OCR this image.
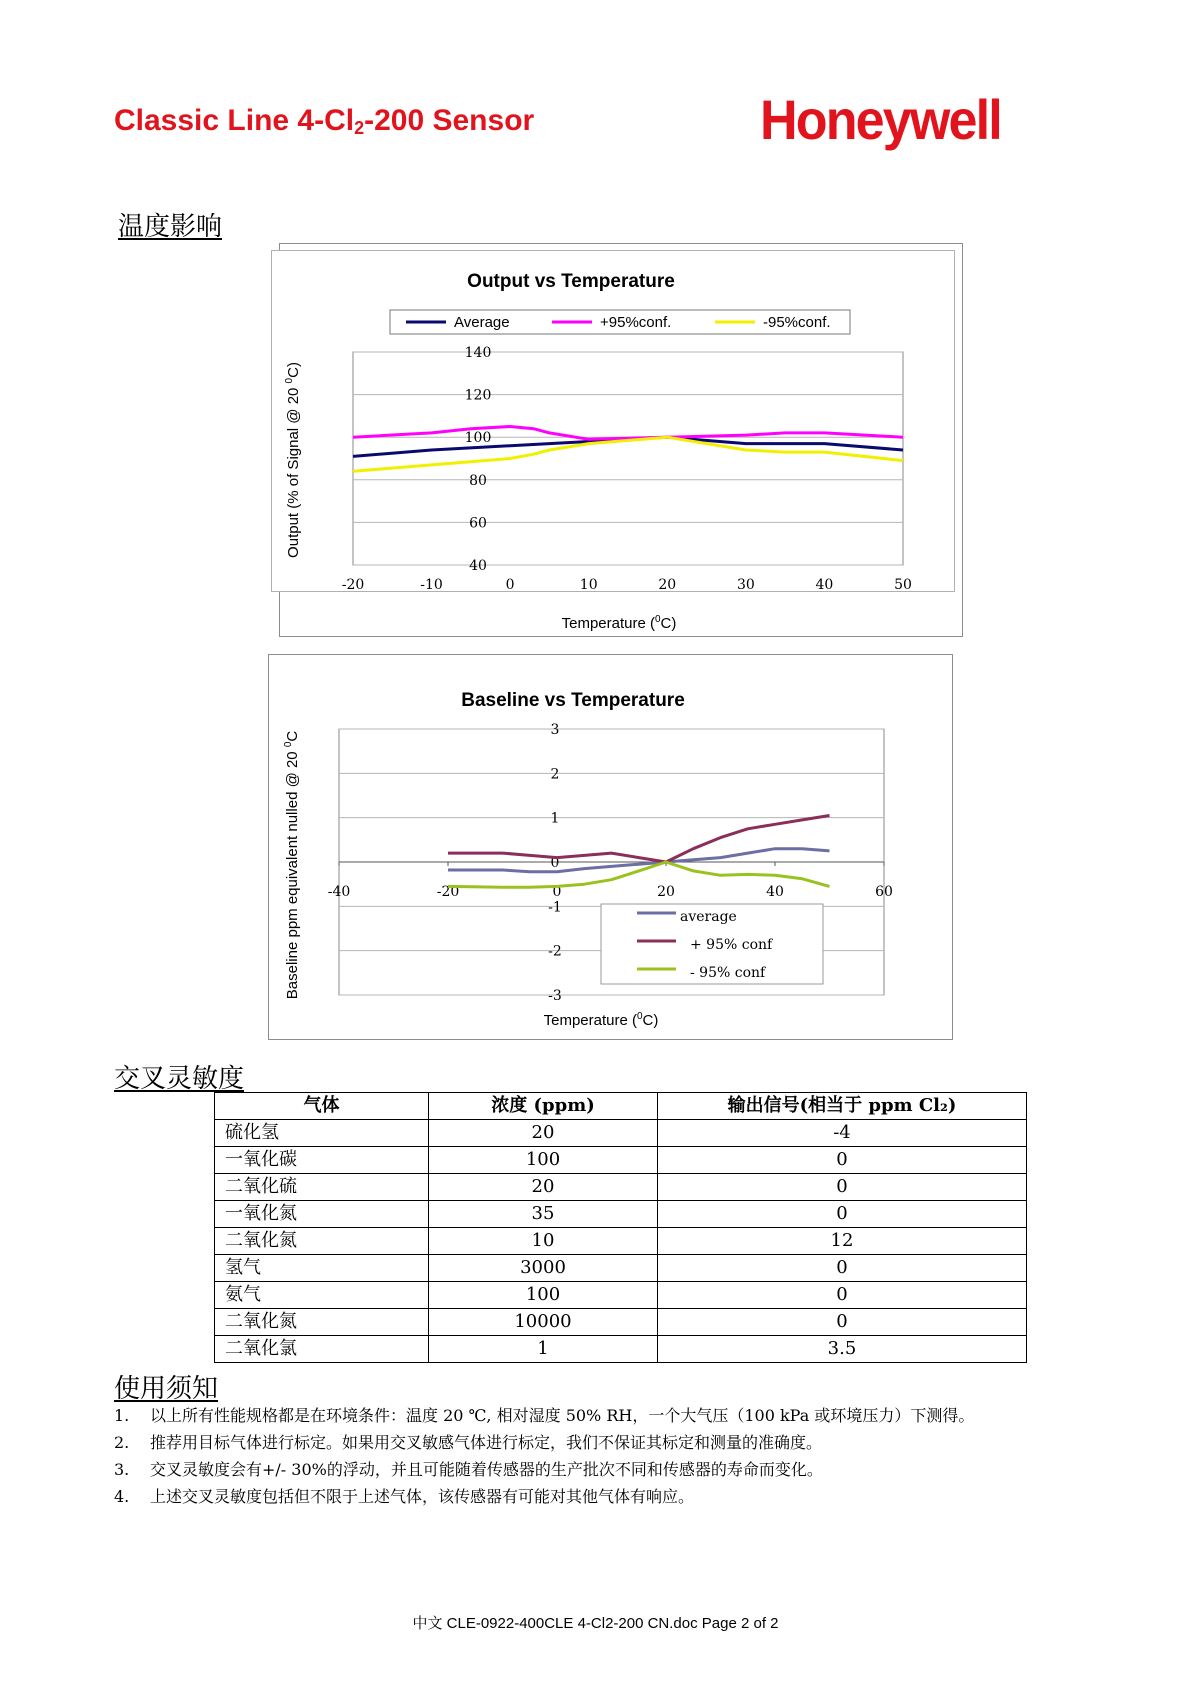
Classic Line $4-Cl_2-200$ Sensor	Honeywell
温度影响
Output vs Temperature
Average	+95%conf.	-95%conf.
40
60
80
100
120
140
-20	-10	0	10	20	30	40	50
Temperature ($^0$C)
Output (% of Signal @ 20 $^0$C)
Baseline vs Temperature
-3
-2
-1
0
1
2
3
-40	-20	0	20	40	60
average
+ 95% conf
- 95% conf
Temperature ($^0$C)
Baseline ppm equivalent nulled @ 20 $^0$C
交叉灵敏度
气体	浓度 (ppm)	输出信号(相当于 ppm Cl₂)
硫化氢	20	-4
一氧化碳	100	0
二氧化硫	20	0
一氧化氮	35	0
二氧化氮	10	12
氢气	3000	0
氨气	100	0
二氧化氮	10000	0
二氧化氯	1	3.5
使用须知
1.	以上所有性能规格都是在环境条件：温度 20 ℃, 相对湿度 50% RH，一个大气压（100 kPa 或环境压力）下测得。
2.	推荐用目标气体进行标定。如果用交叉敏感气体进行标定，我们不保证其标定和测量的准确度。
3.	交叉灵敏度会有+/- 30%的浮动，并且可能随着传感器的生产批次不同和传感器的寿命而变化。
4.	上述交叉灵敏度包括但不限于上述气体，该传感器有可能对其他气体有响应。
中文 CLE-0922-400CLE 4-Cl2-200 CN.doc Page 2 of 2
